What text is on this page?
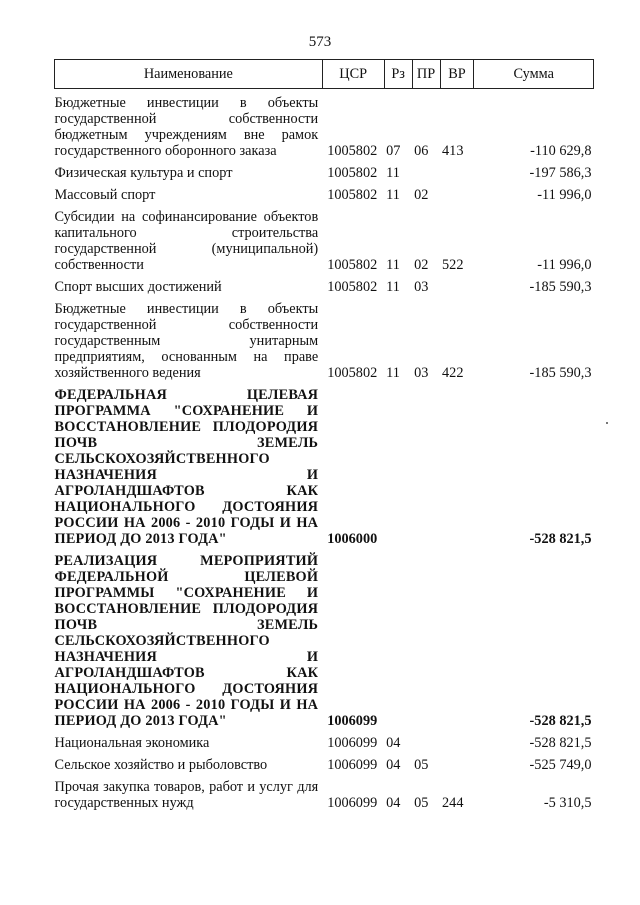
573
Наименование	ЦСР	Рз	ПР	ВР	Сумма
Бюджетные инвестиции в объекты государственной собственности бюджетным учреждениям вне рамок государственного оборонного заказа	1005802	07	06	413	-110 629,8
Физическая культура и спорт	1005802	11			-197 586,3
Массовый спорт	1005802	11	02		-11 996,0
Субсидии на софинансирование объектов капитального строительства государственной (муниципальной) собственности	1005802	11	02	522	-11 996,0
Спорт высших достижений	1005802	11	03		-185 590,3
Бюджетные инвестиции в объекты государственной собственности государственным унитарным предприятиям, основанным на праве хозяйственного ведения	1005802	11	03	422	-185 590,3
ФЕДЕРАЛЬНАЯ ЦЕЛЕВАЯ ПРОГРАММА "СОХРАНЕНИЕ И ВОССТАНОВЛЕНИЕ ПЛОДОРОДИЯ ПОЧВ ЗЕМЕЛЬ СЕЛЬСКОХОЗЯЙСТВЕННОГО НАЗНАЧЕНИЯ И АГРОЛАНДШАФТОВ КАК НАЦИОНАЛЬНОГО ДОСТОЯНИЯ РОССИИ НА 2006 - 2010 ГОДЫ И НА ПЕРИОД ДО 2013 ГОДА"	1006000				-528 821,5
РЕАЛИЗАЦИЯ МЕРОПРИЯТИЙ ФЕДЕРАЛЬНОЙ ЦЕЛЕВОЙ ПРОГРАММЫ "СОХРАНЕНИЕ И ВОССТАНОВЛЕНИЕ ПЛОДОРОДИЯ ПОЧВ ЗЕМЕЛЬ СЕЛЬСКОХОЗЯЙСТВЕННОГО НАЗНАЧЕНИЯ И АГРОЛАНДШАФТОВ КАК НАЦИОНАЛЬНОГО ДОСТОЯНИЯ РОССИИ НА 2006 - 2010 ГОДЫ И НА ПЕРИОД ДО 2013 ГОДА"	1006099				-528 821,5
Национальная экономика	1006099	04			-528 821,5
Сельское хозяйство и рыболовство	1006099	04	05		-525 749,0
Прочая закупка товаров, работ и услуг для государственных нужд	1006099	04	05	244	-5 310,5
